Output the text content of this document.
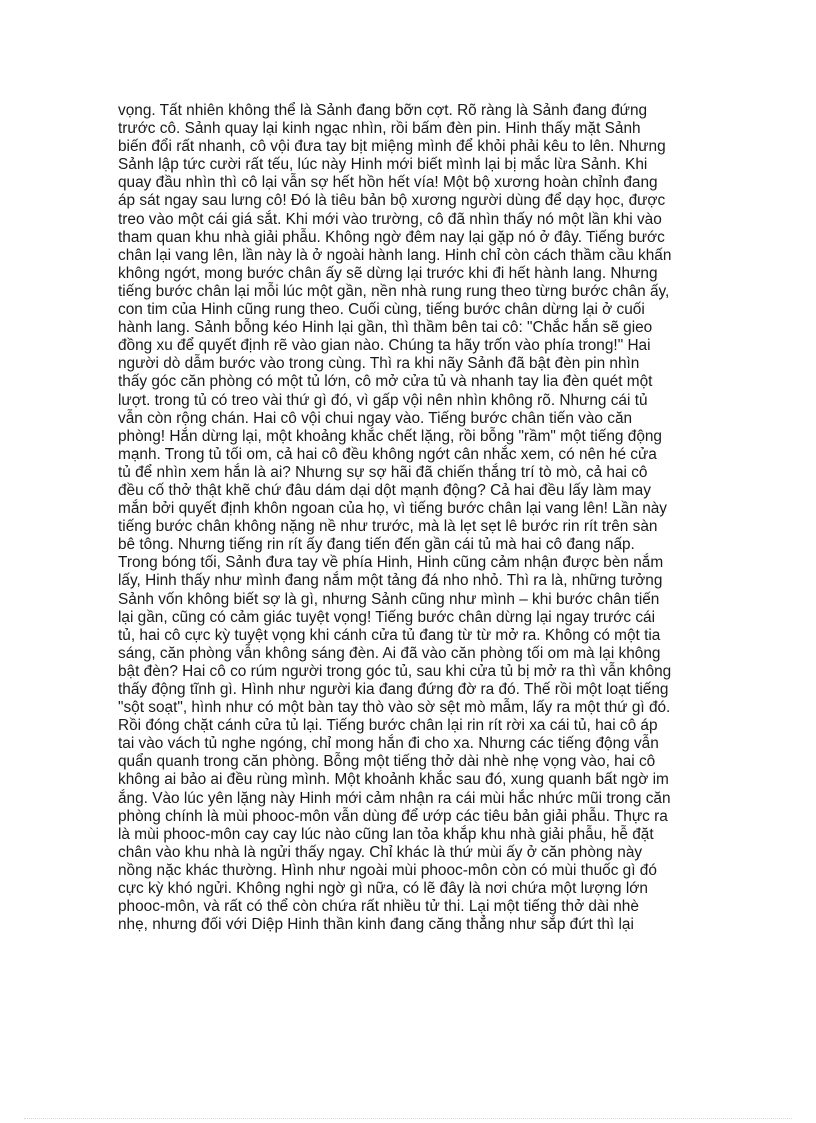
vọng. Tất nhiên không thể là Sảnh đang bỡn cợt. Rõ ràng là Sảnh đang đứng
trước cô. Sảnh quay lại kinh ngạc nhìn, rồi bấm đèn pin. Hinh thấy mặt Sảnh
biến đổi rất nhanh, cô vội đưa tay bịt miệng mình để khỏi phải kêu to lên. Nhưng
Sảnh lập tức cười rất tếu, lúc này Hinh mới biết mình lại bị mắc lừa Sảnh. Khi
quay đầu nhìn thì cô lại vẫn sợ hết hồn hết vía! Một bộ xương hoàn chỉnh đang
áp sát ngay sau lưng cô! Đó là tiêu bản bộ xương người dùng để dạy học, được
treo vào một cái giá sắt. Khi mới vào trường, cô đã nhìn thấy nó một lần khi vào
tham quan khu nhà giải phẫu. Không ngờ đêm nay lại gặp nó ở đây. Tiếng bước
chân lại vang lên, lần này là ở ngoài hành lang. Hinh chỉ còn cách thầm cầu khấn
không ngớt, mong bước chân ấy sẽ dừng lại trước khi đi hết hành lang. Nhưng
tiếng bước chân lại mỗi lúc một gần, nền nhà rung rung theo từng bước chân ấy,
con tim của Hinh cũng rung theo. Cuối cùng, tiếng bước chân dừng lại ở cuối
hành lang. Sảnh bỗng kéo Hinh lại gần, thì thầm bên tai cô: "Chắc hắn sẽ gieo
đồng xu để quyết định rẽ vào gian nào. Chúng ta hãy trốn vào phía trong!" Hai
người dò dẫm bước vào trong cùng. Thì ra khi nãy Sảnh đã bật đèn pin nhìn
thấy góc căn phòng có một tủ lớn, cô mở cửa tủ và nhanh tay lia đèn quét một
lượt. trong tủ có treo vài thứ gì đó, vì gấp vội nên nhìn không rõ. Nhưng cái tủ
vẫn còn rộng chán. Hai cô vội chui ngay vào. Tiếng bước chân tiến vào căn
phòng! Hắn dừng lại, một khoảng khắc chết lặng, rồi bỗng "rầm" một tiếng động
mạnh. Trong tủ tối om, cả hai cô đều không ngớt cân nhắc xem, có nên hé cửa
tủ để nhìn xem hắn là ai? Nhưng sự sợ hãi đã chiến thắng trí tò mò, cả hai cô
đều cố thở thật khẽ chứ đâu dám dại dột mạnh động? Cả hai đều lấy làm may
mắn bởi quyết định khôn ngoan của họ, vì tiếng bước chân lại vang lên! Lần này
tiếng bước chân không nặng nề như trước, mà là lẹt sẹt lê bước rin rít trên sàn
bê tông. Nhưng tiếng rin rít ấy đang tiến đến gần cái tủ mà hai cô đang nấp.
Trong bóng tối, Sảnh đưa tay về phía Hinh, Hinh cũng cảm nhận được bèn nắm
lấy, Hinh thấy như mình đang nắm một tảng đá nho nhỏ. Thì ra là, những tưởng
Sảnh vốn không biết sợ là gì, nhưng Sảnh cũng như mình – khi bước chân tiến
lại gần, cũng có cảm giác tuyệt vọng! Tiếng bước chân dừng lại ngay trước cái
tủ, hai cô cực kỳ tuyệt vọng khi cánh cửa tủ đang từ từ mở ra. Không có một tia
sáng, căn phòng vẫn không sáng đèn. Ai đã vào căn phòng tối om mà lại không
bật đèn? Hai cô co rúm người trong góc tủ, sau khi cửa tủ bị mở ra thì vẫn không
thấy động tĩnh gì. Hình như người kia đang đứng đờ ra đó. Thế rồi một loạt tiếng
"sột soạt", hình như có một bàn tay thò vào sờ sệt mò mẫm, lấy ra một thứ gì đó.
Rồi đóng chặt cánh cửa tủ lại. Tiếng bước chân lại rin rít rời xa cái tủ, hai cô áp
tai vào vách tủ nghe ngóng, chỉ mong hắn đi cho xa. Nhưng các tiếng động vẫn
quẩn quanh trong căn phòng. Bỗng một tiếng thở dài nhè nhẹ vọng vào, hai cô
không ai bảo ai đều rùng mình. Một khoảnh khắc sau đó, xung quanh bất ngờ im
ắng. Vào lúc yên lặng này Hinh mới cảm nhận ra cái mùi hắc nhức mũi trong căn
phòng chính là mùi phooc-môn vẫn dùng để ướp các tiêu bản giải phẫu. Thực ra
là mùi phooc-môn cay cay lúc nào cũng lan tỏa khắp khu nhà giải phẫu, hễ đặt
chân vào khu nhà là ngửi thấy ngay. Chỉ khác là thứ mùi ấy ở căn phòng này
nồng nặc khác thường. Hình như ngoài mùi phooc-môn còn có mùi thuốc gì đó
cực kỳ khó ngửi. Không nghi ngờ gì nữa, có lẽ đây là nơi chứa một lượng lớn
phooc-môn, và rất có thể còn chứa rất nhiều tử thi. Lại một tiếng thở dài nhè
nhẹ, nhưng đối với Diệp Hinh thần kinh đang căng thẳng như sắp đứt thì lại
